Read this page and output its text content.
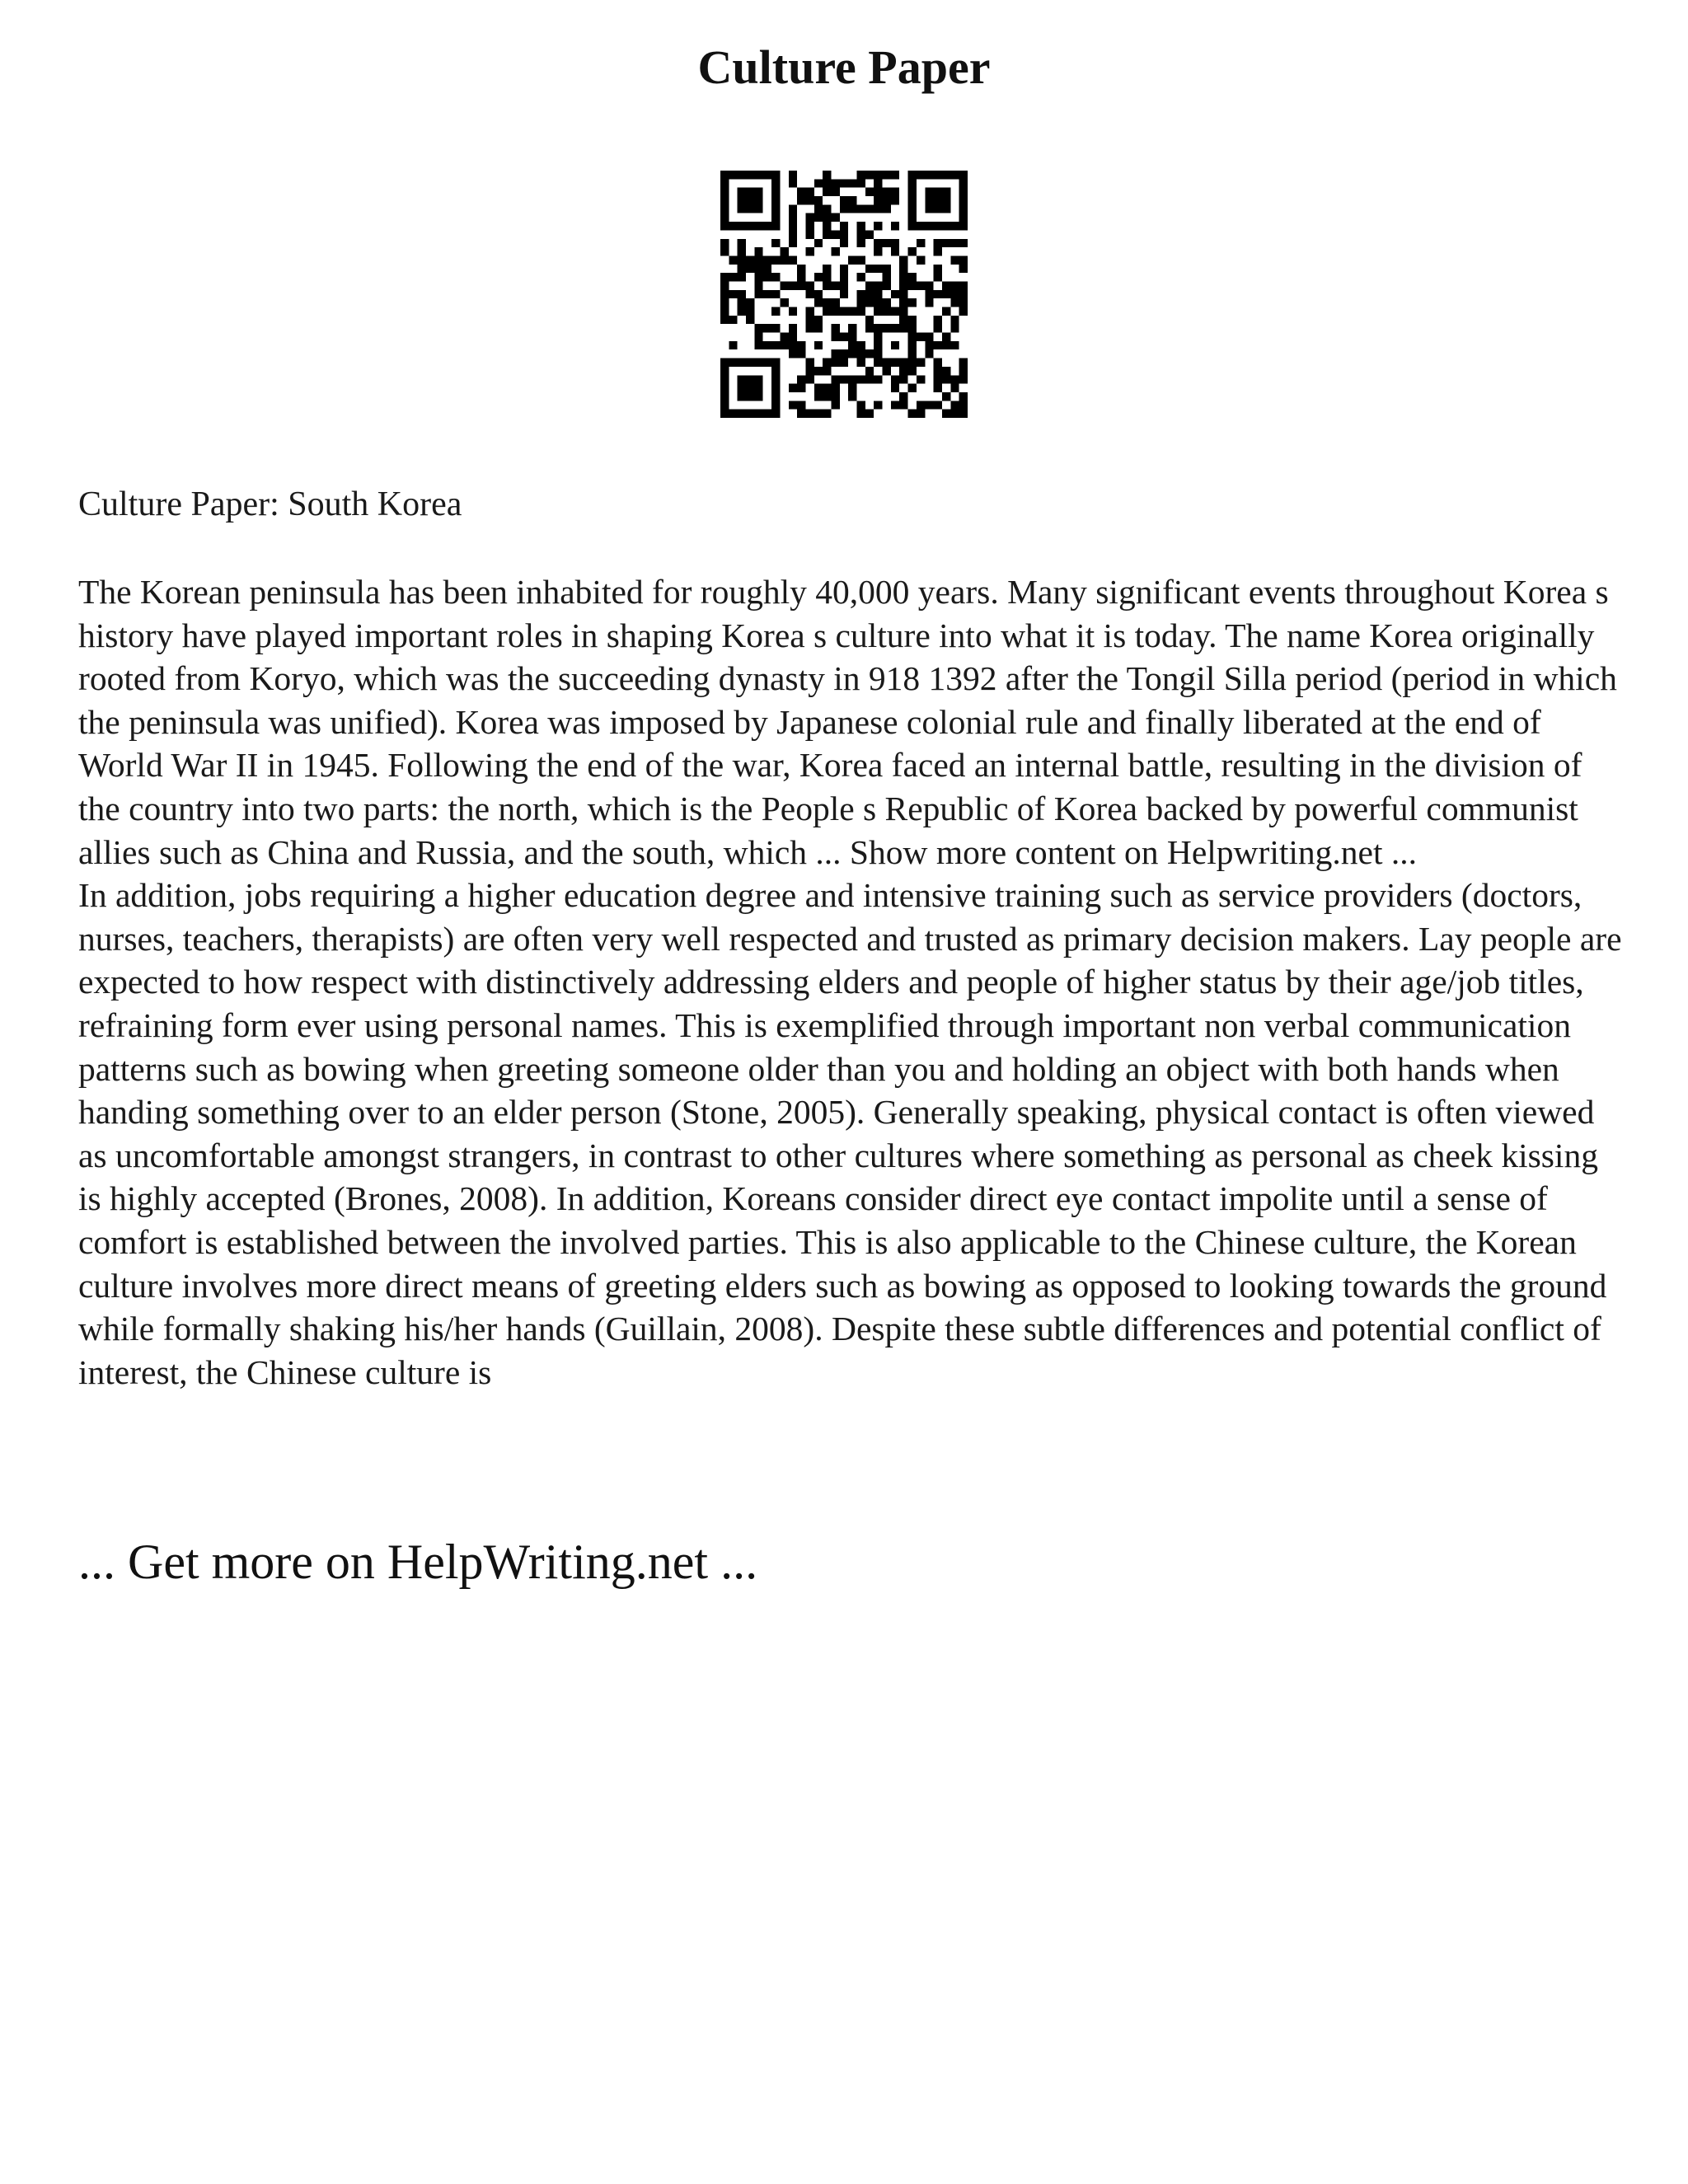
Culture Paper
Culture Paper: South Korea

The Korean peninsula has been inhabited for roughly 40,000 years. Many significant events throughout Korea s history have played important roles in shaping Korea s culture into what it is today. The name Korea originally rooted from Koryo, which was the succeeding dynasty in 918 1392 after the Tongil Silla period (period in which the peninsula was unified). Korea was imposed by Japanese colonial rule and finally liberated at the end of World War II in 1945. Following the end of the war, Korea faced an internal battle, resulting in the division of the country into two parts: the north, which is the People s Republic of Korea backed by powerful communist allies such as China and Russia, and the south, which ... Show more content on Helpwriting.net ...

In addition, jobs requiring a higher education degree and intensive training such as service providers (doctors, nurses, teachers, therapists) are often very well respected and trusted as primary decision makers. Lay people are expected to how respect with distinctively addressing elders and people of higher status by their age/job titles, refraining form ever using personal names. This is exemplified through important non verbal communication patterns such as bowing when greeting someone older than you and holding an object with both hands when handing something over to an elder person (Stone, 2005). Generally speaking, physical contact is often viewed as uncomfortable amongst strangers, in contrast to other cultures where something as personal as cheek kissing is highly accepted (Brones, 2008). In addition, Koreans consider direct eye contact impolite until a sense of comfort is established between the involved parties. This is also applicable to the Chinese culture, the Korean culture involves more direct means of greeting elders such as bowing as opposed to looking towards the ground while formally shaking his/her hands (Guillain, 2008). Despite these subtle differences and potential conflict of interest, the Chinese culture is

... Get more on HelpWriting.net ...
